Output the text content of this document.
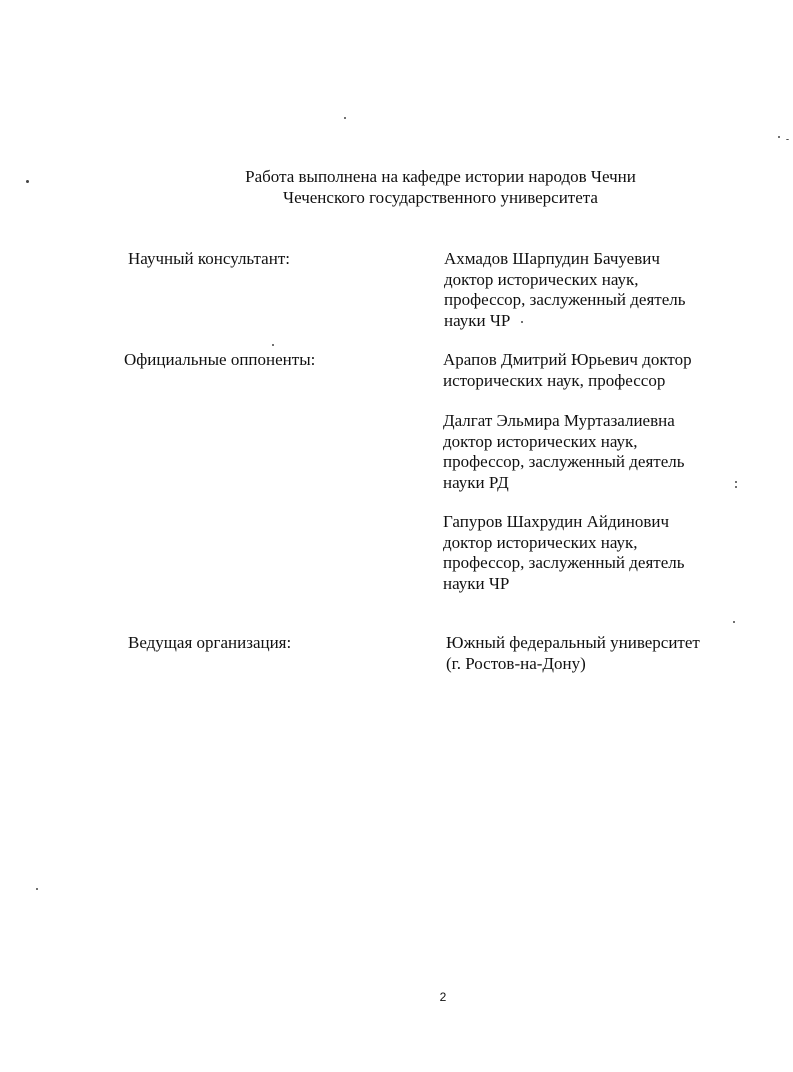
Работа выполнена на кафедре истории народов Чечни
Чеченского государственного университета
Научный консультант:	Ахмадов Шарпудин Бачуевич
доктор исторических наук,
профессор, заслуженный деятель
науки ЧР
Официальные оппоненты:	Арапов Дмитрий Юрьевич доктор
исторических наук, профессор
Далгат Эльмира Муртазалиевна
доктор исторических наук,
профессор, заслуженный деятель
науки РД
Гапуров Шахрудин Айдинович
доктор исторических наук,
профессор, заслуженный деятель
науки ЧР
Ведущая организация:	Южный федеральный университет
(г. Ростов-на-Дону)
2
